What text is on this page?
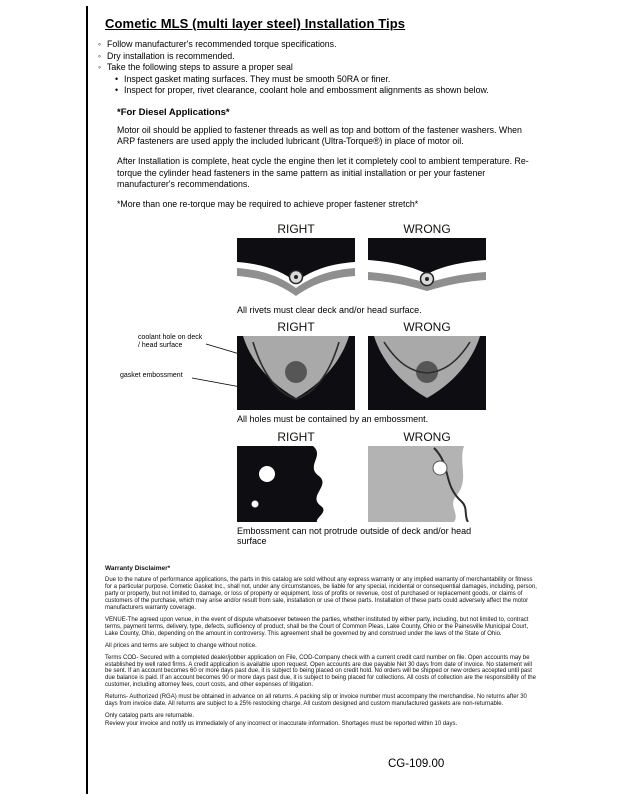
Cometic MLS (multi layer steel) Installation Tips
◦ Follow manufacturer's recommended torque specifications.
◦ Dry installation is recommended.
◦ Take the following steps to assure a proper seal
• Inspect gasket mating surfaces. They must be smooth 50RA or finer.
• Inspect for proper, rivet clearance, coolant hole and embossment alignments as shown below.
*For Diesel Applications*

Motor oil should be applied to fastener threads as well as top and bottom of the fastener washers. When ARP fasteners are used apply the included lubricant (Ultra-Torque®) in place of motor oil.

After Installation is complete, heat cycle the engine then let it completely cool to ambient temperature. Re-torque the cylinder head fasteners in the same pattern as initial installation or per your fastener manufacturer's recommendations.

*More than one re-torque may be required to achieve proper fastener stretch*

RIGHT	WRONG
All rivets must clear deck and/or head surface.
RIGHT	WRONG
coolant hole on deck / head surface
gasket embossment
All holes must be contained by an embossment.
RIGHT	WRONG
Embossment can not protrude outside of deck and/or head surface
Warranty Disclaimer*

Due to the nature of performance applications, the parts in this catalog are sold without any express warranty or any implied warranty of merchantability or fitness for a particular purpose. Cometic Gasket Inc., shall not, under any circumstances, be liable for any special, incidental or consequential damages, including, person, party or property, but not limited to, damage, or loss of property or equipment, loss of profits or revenue, cost of purchased or replacement goods, or claims of customers of the purchase, which may arise and/or result from sale, installation or use of these parts. Installation of these parts could adversely affect the motor manufacturers warranty coverage.

VENUE-The agreed upon venue, in the event of dispute whatsoever between the parties, whether instituted by either party, including, but not limited to, contract terms, payment terms, delivery, type, defects, sufficiency of product, shall be the Court of Common Pleas, Lake County, Ohio or the Painesville Municipal Court, Lake County, Ohio, depending on the amount in controversy. This agreement shall be governed by and construed under the laws of the State of Ohio.

All prices and terms are subject to change without notice.

Terms COD- Secured with a completed dealer/jobber application on File, COD-Company check with a current credit card number on file. Open accounts may be established by well rated firms. A credit application is available upon request. Open accounts are due payable Net 30 days from date of invoice. No statement will be sent. If an account becomes 60 or more days past due, it is subject to being placed on credit hold. No orders will be shipped or new orders accepted until past due balance is paid. If an account becomes 90 or more days past due, it is subject to being placed for collections. All costs of collection are the responsibility of the customer, including attorney fees, court costs, and other expenses of litigation.

Returns- Authorized (RGA) must be obtained in advance on all returns. A packing slip or invoice number must accompany the merchandise. No returns after 30 days from invoice date. All returns are subject to a 25% restocking charge. All custom designed and custom manufactured gaskets are non-returnable.

Only catalog parts are returnable.

Review your invoice and notify us immediately of any incorrect or inaccurate information. Shortages must be reported within 10 days.

CG-109.00
